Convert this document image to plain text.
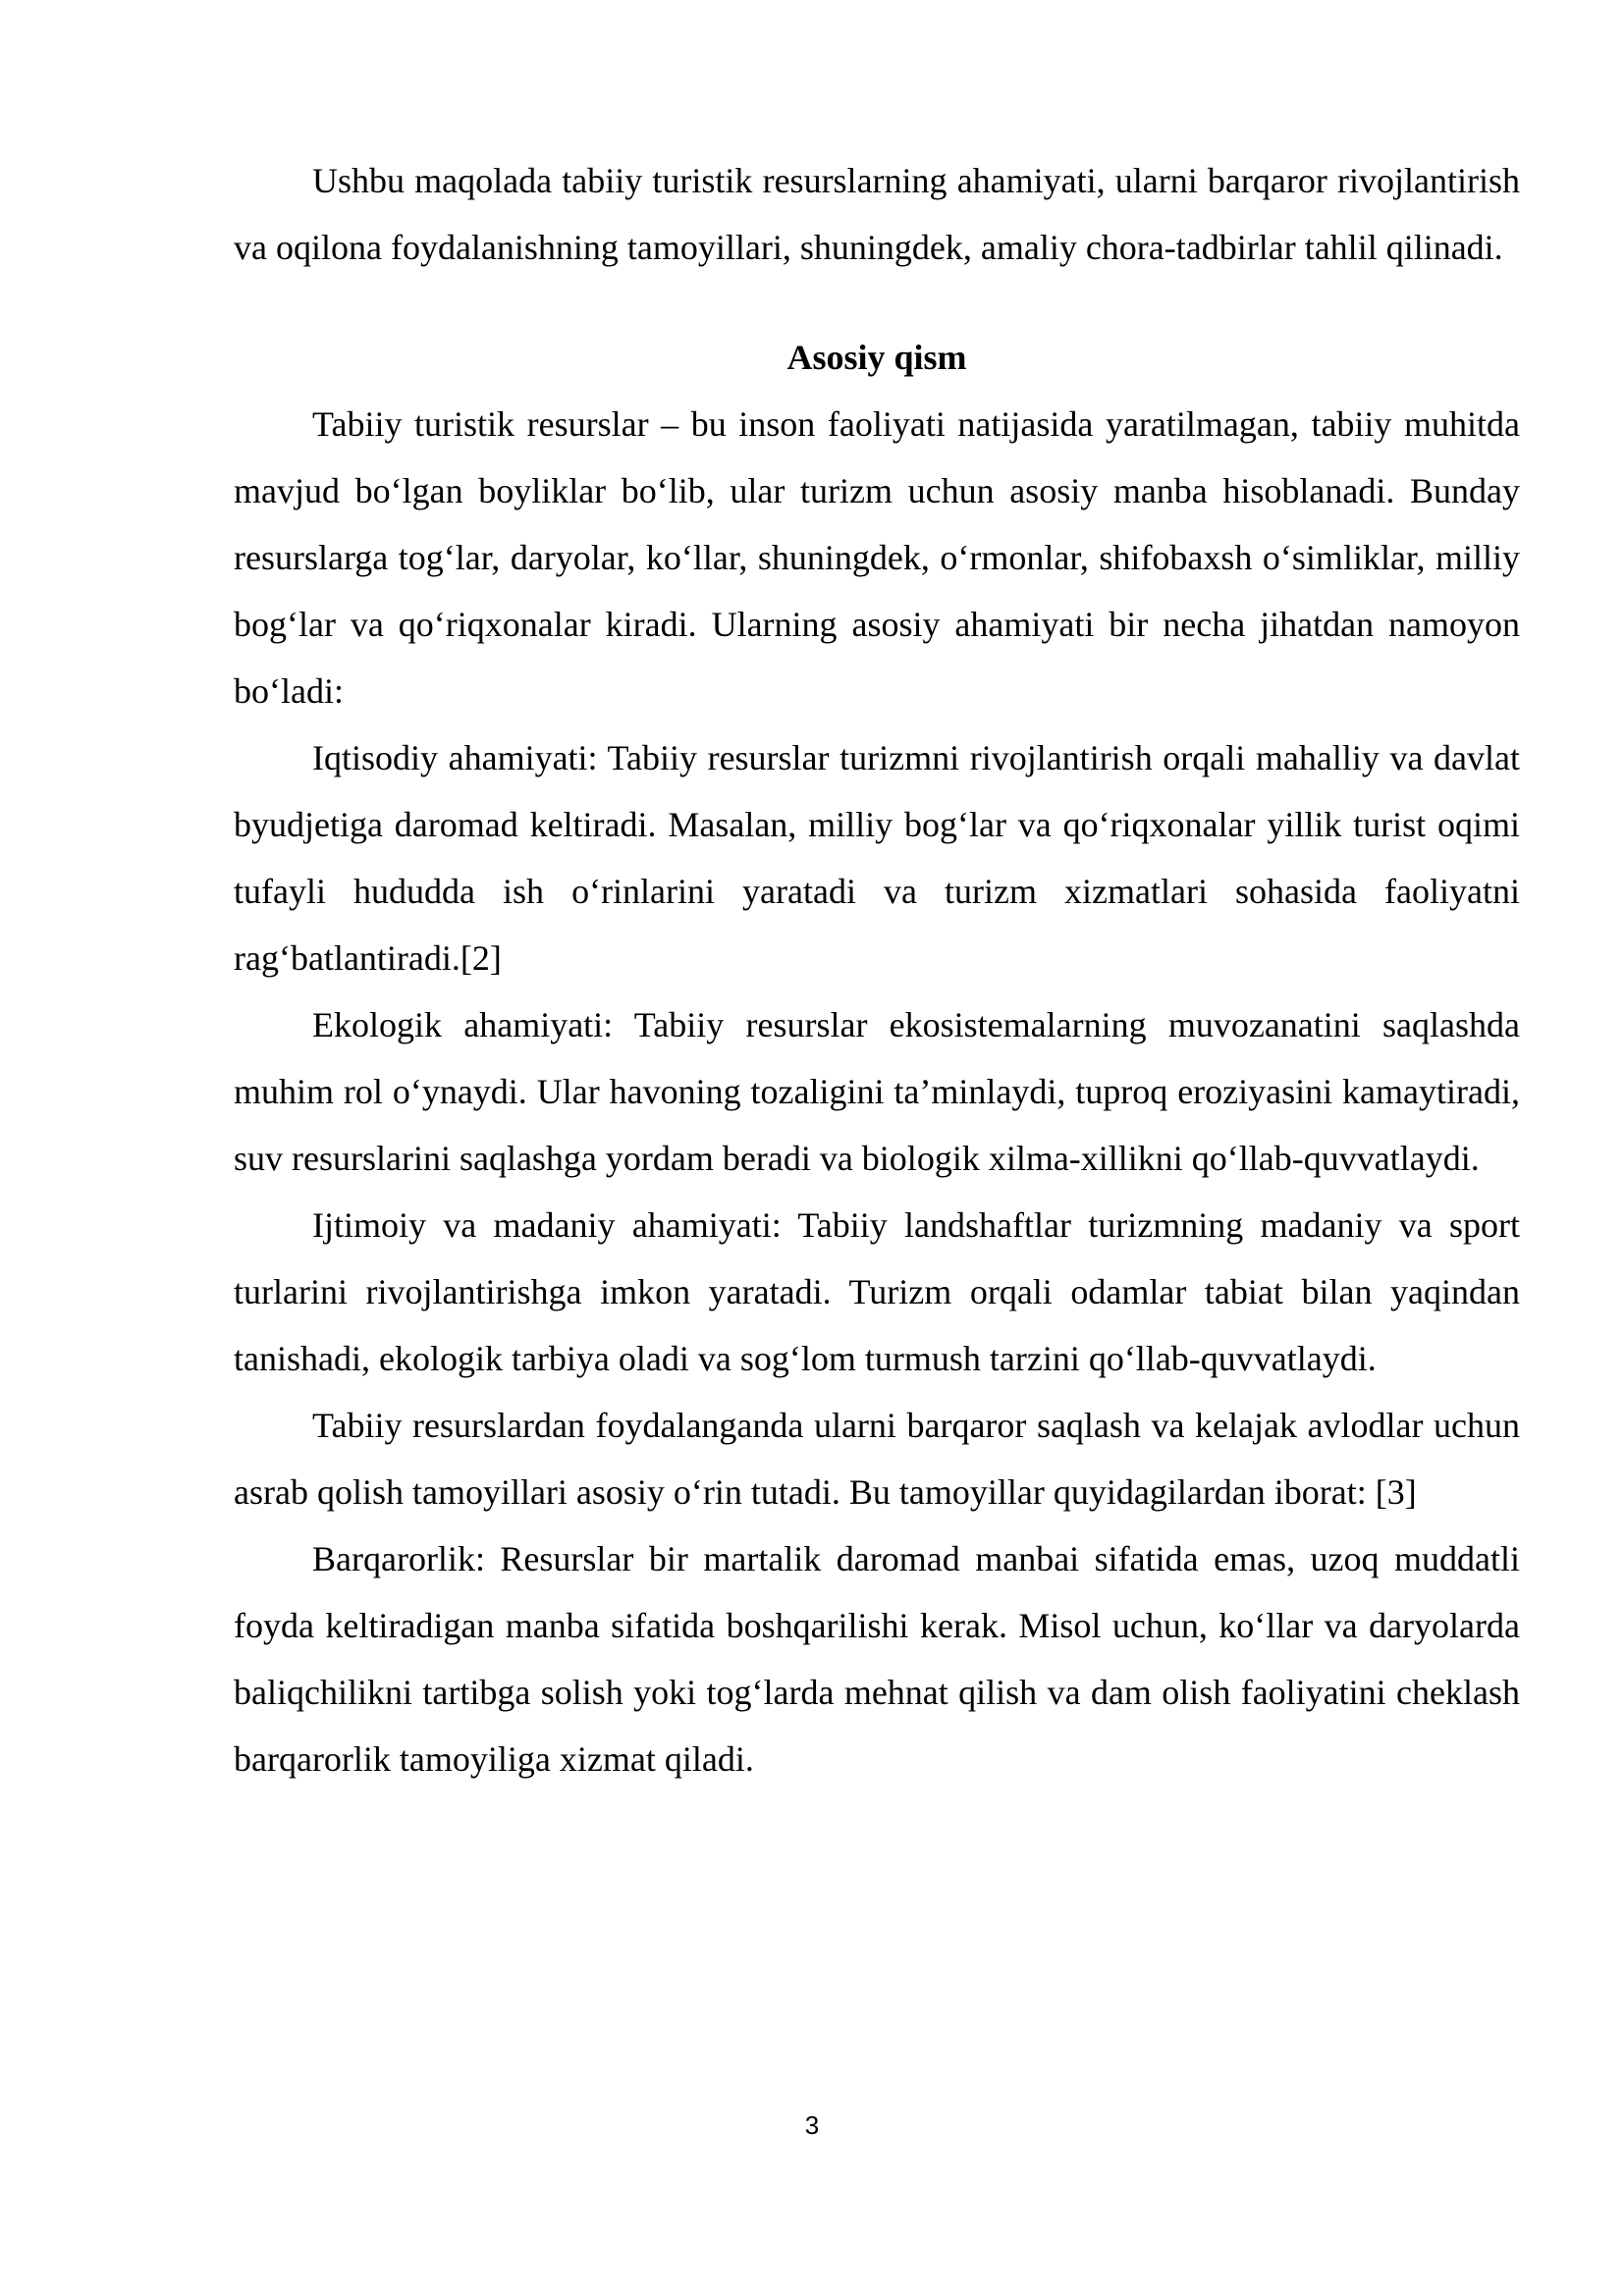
Ushbu maqolada tabiiy turistik resurslarning ahamiyati, ularni barqaror rivojlantirish va oqilona foydalanishning tamoyillari, shuningdek, amaliy chora-tadbirlar tahlil qilinadi.

Asosiy qism

Tabiiy turistik resurslar – bu inson faoliyati natijasida yaratilmagan, tabiiy muhitda mavjud bo‘lgan boyliklar bo‘lib, ular turizm uchun asosiy manba hisoblanadi. Bunday resurslarga tog‘lar, daryolar, ko‘llar, shuningdek, o‘rmonlar, shifobaxsh o‘simliklar, milliy bog‘lar va qo‘riqxonalar kiradi. Ularning asosiy ahamiyati bir necha jihatdan namoyon bo‘ladi:

Iqtisodiy ahamiyati: Tabiiy resurslar turizmni rivojlantirish orqali mahalliy va davlat byudjetiga daromad keltiradi. Masalan, milliy bog‘lar va qo‘riqxonalar yillik turist oqimi tufayli hududda ish o‘rinlarini yaratadi va turizm xizmatlari sohasida faoliyatni rag‘batlantiradi.[2]

Ekologik ahamiyati: Tabiiy resurslar ekosistemalarning muvozanatini saqlashda muhim rol o‘ynaydi. Ular havoning tozaligini ta’minlaydi, tuproq eroziyasini kamaytiradi, suv resurslarini saqlashga yordam beradi va biologik xilma-xillikni qo‘llab-quvvatlaydi.

Ijtimoiy va madaniy ahamiyati: Tabiiy landshaftlar turizmning madaniy va sport turlarini rivojlantirishga imkon yaratadi. Turizm orqali odamlar tabiat bilan yaqindan tanishadi, ekologik tarbiya oladi va sog‘lom turmush tarzini qo‘llab-quvvatlaydi.

Tabiiy resurslardan foydalanganda ularni barqaror saqlash va kelajak avlodlar uchun asrab qolish tamoyillari asosiy o‘rin tutadi. Bu tamoyillar quyidagilardan iborat: [3]

Barqarorlik: Resurslar bir martalik daromad manbai sifatida emas, uzoq muddatli foyda keltiradigan manba sifatida boshqarilishi kerak. Misol uchun, ko‘llar va daryolarda baliqchilikni tartibga solish yoki tog‘larda mehnat qilish va dam olish faoliyatini cheklash barqarorlik tamoyiliga xizmat qiladi.

3
